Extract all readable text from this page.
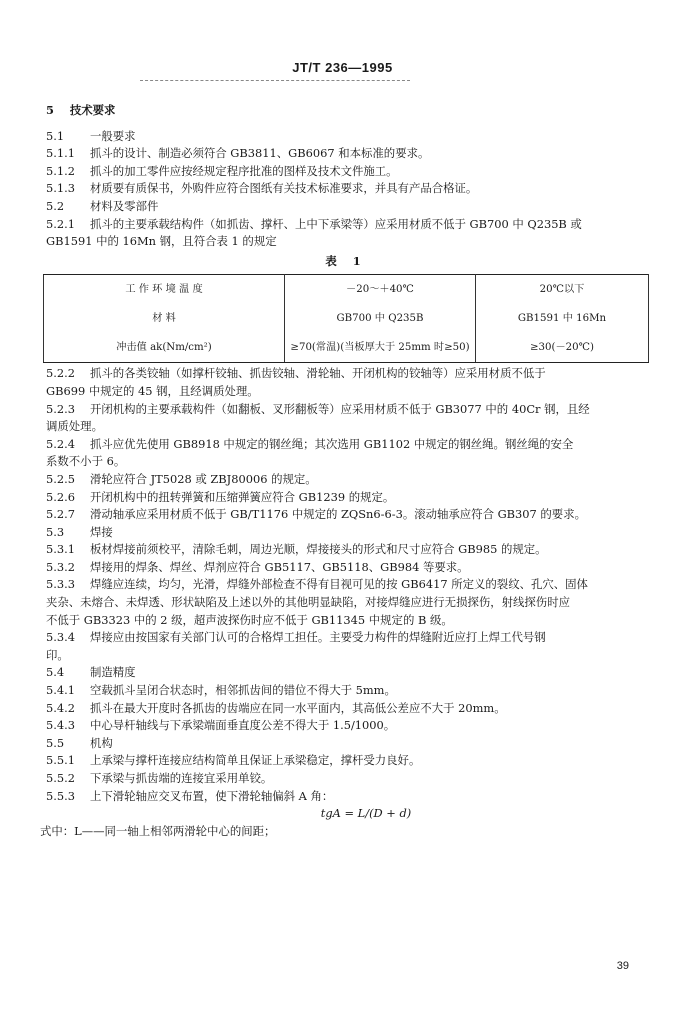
JT/T 236—1995
5 技术要求
5.1 一般要求
5.1.1 抓斗的设计、制造必须符合 GB3811、GB6067 和本标准的要求。
5.1.2 抓斗的加工零件应按经规定程序批准的图样及技术文件施工。
5.1.3 材质要有质保书，外购件应符合图纸有关技术标准要求，并具有产品合格证。
5.2 材料及零部件
5.2.1 抓斗的主要承载结构件（如抓齿、撑杆、上中下承梁等）应采用材质不低于 GB700 中 Q235B 或
GB1591 中的 16Mn 钢，且符合表 1 的规定
表 1
工 作 环 境 温 度	－20～＋40℃	20℃以下
材 料	GB700 中 Q235B	GB1591 中 16Mn
冲击值 ak(Nm/cm²)	≥70(常温)(当板厚大于 25mm 时≥50)	≥30(－20℃)
5.2.2 抓斗的各类铰轴（如撑杆铰轴、抓齿铰轴、滑轮轴、开闭机构的铰轴等）应采用材质不低于
GB699 中规定的 45 钢，且经调质处理。
5.2.3 开闭机构的主要承载构件（如翻板、叉形翻板等）应采用材质不低于 GB3077 中的 40Cr 钢，且经
调质处理。
5.2.4 抓斗应优先使用 GB8918 中规定的钢丝绳；其次选用 GB1102 中规定的钢丝绳。钢丝绳的安全
系数不小于 6。
5.2.5 滑轮应符合 JT5028 或 ZBJ80006 的规定。
5.2.6 开闭机构中的扭转弹簧和压缩弹簧应符合 GB1239 的规定。
5.2.7 滑动轴承应采用材质不低于 GB/T1176 中规定的 ZQSn6-6-3。滚动轴承应符合 GB307 的要求。
5.3 焊接
5.3.1 板材焊接前须校平，清除毛刺，周边光顺，焊接接头的形式和尺寸应符合 GB985 的规定。
5.3.2 焊接用的焊条、焊丝、焊剂应符合 GB5117、GB5118、GB984 等要求。
5.3.3 焊缝应连续，均匀，光滑，焊缝外部检查不得有目视可见的按 GB6417 所定义的裂纹、孔穴、固体
夹杂、未熔合、未焊透、形状缺陷及上述以外的其他明显缺陷，对接焊缝应进行无损探伤，射线探伤时应
不低于 GB3323 中的 2 级，超声波探伤时应不低于 GB11345 中规定的 B 级。
5.3.4 焊接应由按国家有关部门认可的合格焊工担任。主要受力构件的焊缝附近应打上焊工代号钢
印。
5.4 制造精度
5.4.1 空载抓斗呈闭合状态时，相邻抓齿间的错位不得大于 5mm。
5.4.2 抓斗在最大开度时各抓齿的齿端应在同一水平面内，其高低公差应不大于 20mm。
5.4.3 中心导杆轴线与下承梁端面垂直度公差不得大于 1.5/1000。
5.5 机构
5.5.1 上承梁与撑杆连接应结构简单且保证上承梁稳定，撑杆受力良好。
5.5.2 下承梁与抓齿端的连接宜采用单铰。
5.5.3 上下滑轮轴应交叉布置，使下滑轮轴偏斜 A 角：
tgA = L/(D + d)
式中：L——同一轴上相邻两滑轮中心的间距；
39
